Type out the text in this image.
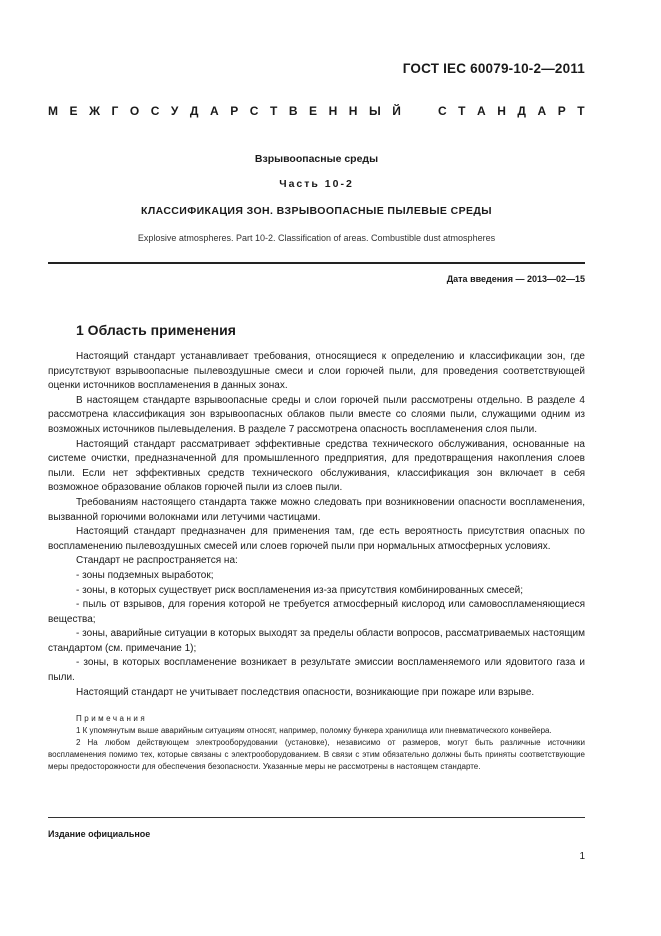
ГОСТ IEC 60079-10-2—2011
М Е Ж Г О С У Д А Р С Т В Е Н Н Ы Й	С Т А Н Д А Р Т
Взрывоопасные среды
Часть 10-2
КЛАССИФИКАЦИЯ ЗОН. ВЗРЫВООПАСНЫЕ ПЫЛЕВЫЕ СРЕДЫ
Explosive atmospheres. Part 10-2. Classification of areas. Combustible dust atmospheres
Дата введения — 2013—02—15
1 Область применения

Настоящий стандарт устанавливает требования, относящиеся к определению и классификации зон, где присутствуют взрывоопасные пылевоздушные смеси и слои горючей пыли, для проведения соответствующей оценки источников воспламенения в данных зонах.

В настоящем стандарте взрывоопасные среды и слои горючей пыли рассмотрены отдельно. В разделе 4 рассмотрена классификация зон взрывоопасных облаков пыли вместе со слоями пыли, служащими одним из возможных источников пылевыделения. В разделе 7 рассмотрена опасность воспламенения слоя пыли.

Настоящий стандарт рассматривает эффективные средства технического обслуживания, основанные на системе очистки, предназначенной для промышленного предприятия, для предотвращения накопления слоев пыли. Если нет эффективных средств технического обслуживания, классификация зон включает в себя возможное образование облаков горючей пыли из слоев пыли.

Требованиям настоящего стандарта также можно следовать при возникновении опасности воспламенения, вызванной горючими волокнами или летучими частицами.

Настоящий стандарт предназначен для применения там, где есть вероятность присутствия опасных по воспламенению пылевоздушных смесей или слоев горючей пыли при нормальных атмосферных условиях.

Стандарт не распространяется на:

- зоны подземных выработок;

- зоны, в которых существует риск воспламенения из-за присутствия комбинированных смесей;

- пыль от взрывов, для горения которой не требуется атмосферный кислород или самовоспламеняющиеся вещества;

- зоны, аварийные ситуации в которых выходят за пределы области вопросов, рассматриваемых настоящим стандартом (см. примечание 1);

- зоны, в которых воспламенение возникает в результате эмиссии воспламеняемого или ядовитого газа и пыли.

Настоящий стандарт не учитывает последствия опасности, возникающие при пожаре или взрыве.

Примечания

1 К упомянутым выше аварийным ситуациям относят, например, поломку бункера хранилища или пневматического конвейера.

2 На любом действующем электрооборудовании (установке), независимо от размеров, могут быть различные источники воспламенения помимо тех, которые связаны с электрооборудованием. В связи с этим обязательно должны быть приняты соответствующие меры предосторожности для обеспечения безопасности. Указанные меры не рассмотрены в настоящем стандарте.

Издание официальное
1
